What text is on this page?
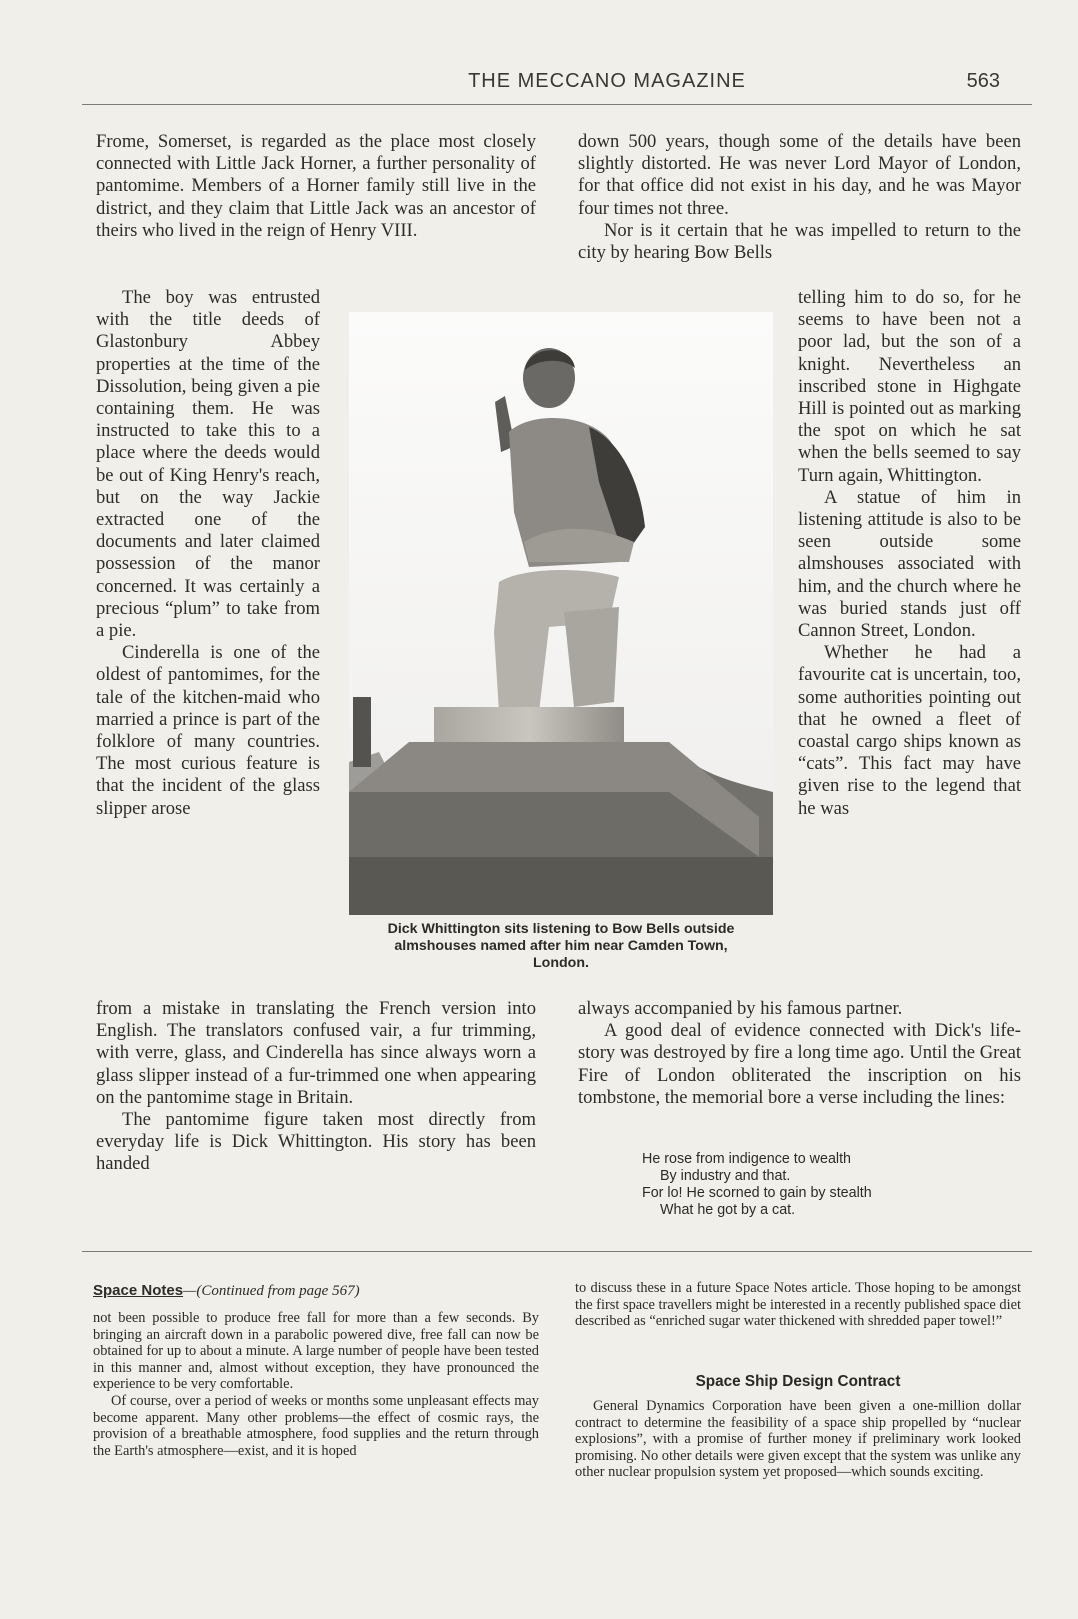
THE MECCANO MAGAZINE	563

Frome, Somerset, is regarded as the place most closely connected with Little Jack Horner, a further personality of pantomime. Members of a Horner family still live in the district, and they claim that Little Jack was an ancestor of theirs who lived in the reign of Henry VIII.

The boy was entrusted with the title deeds of Glastonbury Abbey properties at the time of the Dissolution, being given a pie containing them. He was instructed to take this to a place where the deeds would be out of King Henry's reach, but on the way Jackie extracted one of the documents and later claimed possession of the manor concerned. It was certainly a precious “plum” to take from a pie.

Cinderella is one of the oldest of pantomimes, for the tale of the kitchen-maid who married a prince is part of the folklore of many countries. The most curious feature is that the incident of the glass slipper arose

from a mistake in translating the French version into English. The translators confused vair, a fur trimming, with verre, glass, and Cinderella has since always worn a glass slipper instead of a fur-trimmed one when appearing on the pantomime stage in Britain.

The pantomime figure taken most directly from everyday life is Dick Whittington. His story has been handed

down 500 years, though some of the details have been slightly distorted. He was never Lord Mayor of London, for that office did not exist in his day, and he was Mayor four times not three.

Nor is it certain that he was impelled to return to the city by hearing Bow Bells

telling him to do so, for he seems to have been not a poor lad, but the son of a knight. Nevertheless an inscribed stone in Highgate Hill is pointed out as marking the spot on which he sat when the bells seemed to say Turn again, Whittington.

A statue of him in listening attitude is also to be seen outside some almshouses associated with him, and the church where he was buried stands just off Cannon Street, London.

Whether he had a favourite cat is uncertain, too, some authorities pointing out that he owned a fleet of coastal cargo ships known as “cats”. This fact may have given rise to the legend that he was

always accompanied by his famous partner.

A good deal of evidence connected with Dick's life-story was destroyed by fire a long time ago. Until the Great Fire of London obliterated the inscription on his tombstone, the memorial bore a verse including the lines:

He rose from indigence to wealth
By industry and that.
For lo! He scorned to gain by stealth
What he got by a cat.
Dick Whittington sits listening to Bow Bells outside
almshouses named after him near Camden Town,
London.
Space Notes—(Continued from page 567)

not been possible to produce free fall for more than a few seconds. By bringing an aircraft down in a parabolic powered dive, free fall can now be obtained for up to about a minute. A large number of people have been tested in this manner and, almost without exception, they have pronounced the experience to be very comfortable.

Of course, over a period of weeks or months some unpleasant effects may become apparent. Many other problems—the effect of cosmic rays, the provision of a breathable atmosphere, food supplies and the return through the Earth's atmosphere—exist, and it is hoped

to discuss these in a future Space Notes article. Those hoping to be amongst the first space travellers might be interested in a recently published space diet described as “enriched sugar water thickened with shredded paper towel!”

Space Ship Design Contract

General Dynamics Corporation have been given a one-million dollar contract to determine the feasibility of a space ship propelled by “nuclear explosions”, with a promise of further money if preliminary work looked promising. No other details were given except that the system was unlike any other nuclear propulsion system yet proposed—which sounds exciting.
